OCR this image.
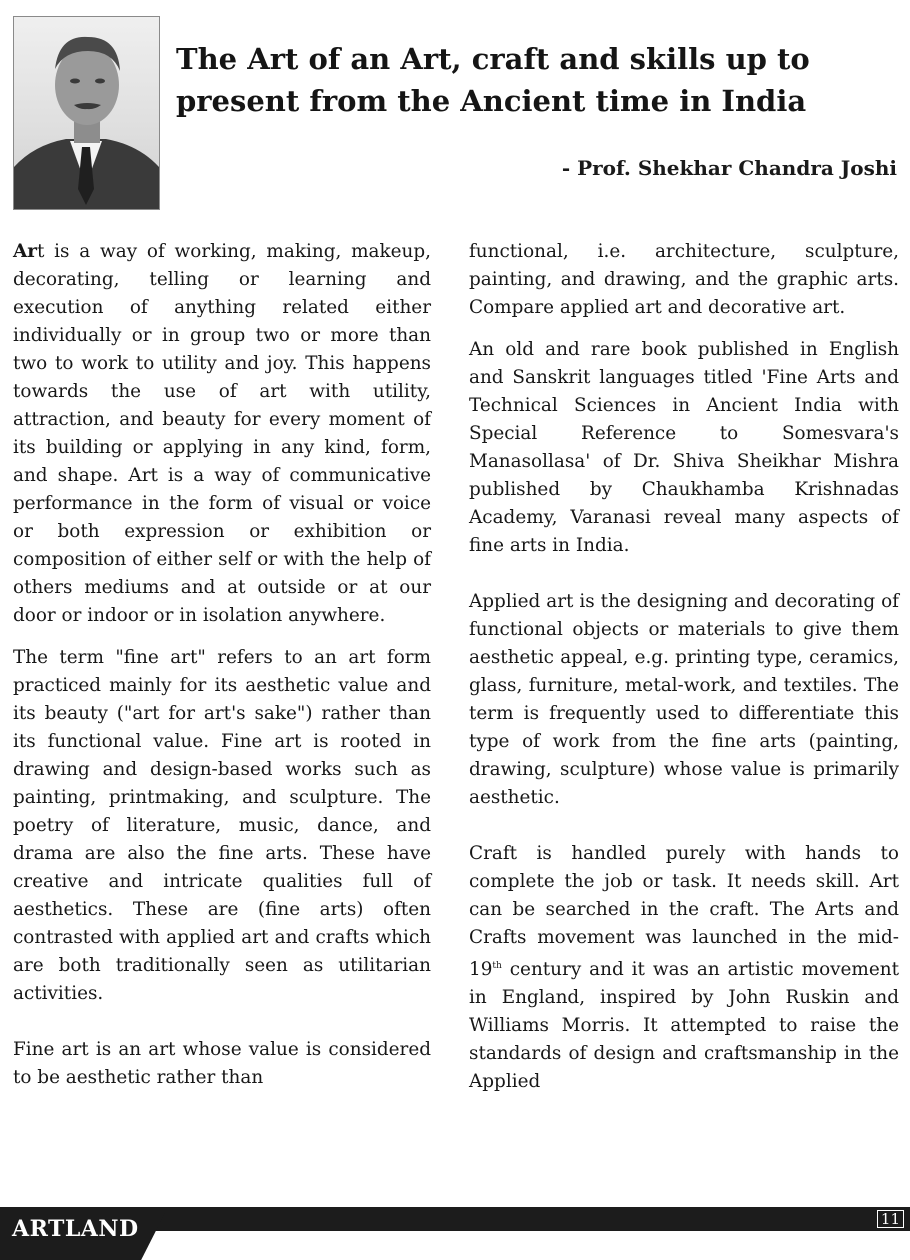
The Art of an Art, craft and skills up to present from the Ancient time in India

- Prof. Shekhar Chandra Joshi

Art is a way of working, making, makeup, decorating, telling or learning and execution of anything related either individually or in group two or more than two to work to utility and joy. This happens towards the use of art with utility, attraction, and beauty for every moment of its building or applying in any kind, form, and shape. Art is a way of communicative performance in the form of visual or voice or both expression or exhibition or composition of either self or with the help of others mediums and at outside or at our door or indoor or in isolation anywhere.

The term "fine art" refers to an art form practiced mainly for its aesthetic value and its beauty ("art for art's sake") rather than its functional value. Fine art is rooted in drawing and design-based works such as painting, printmaking, and sculpture. The poetry of literature, music, dance, and drama are also the fine arts. These have creative and intricate qualities full of aesthetics. These are (fine arts) often contrasted with applied art and crafts which are both traditionally seen as utilitarian activities.

Fine art is an art whose value is considered to be aesthetic rather than

functional, i.e. architecture, sculpture, painting, and drawing, and the graphic arts. Compare applied art and decorative art.

An old and rare book published in English and Sanskrit languages titled 'Fine Arts and Technical Sciences in Ancient India with Special Reference to Somesvara's Manasollasa' of Dr. Shiva Sheikhar Mishra published by Chaukhamba Krishnadas Academy, Varanasi reveal many aspects of fine arts in India.

Applied art is the designing and decorating of functional objects or materials to give them aesthetic appeal, e.g. printing type, ceramics, glass, furniture, metal-work, and textiles. The term is frequently used to differentiate this type of work from the fine arts (painting, drawing, sculpture) whose value is primarily aesthetic.

Craft is handled purely with hands to complete the job or task. It needs skill. Art can be searched in the craft. The Arts and Crafts movement was launched in the mid-19th century and it was an artistic movement in England, inspired by John Ruskin and Williams Morris. It attempted to raise the standards of design and craftsmanship in the Applied

ARTLAND	11
